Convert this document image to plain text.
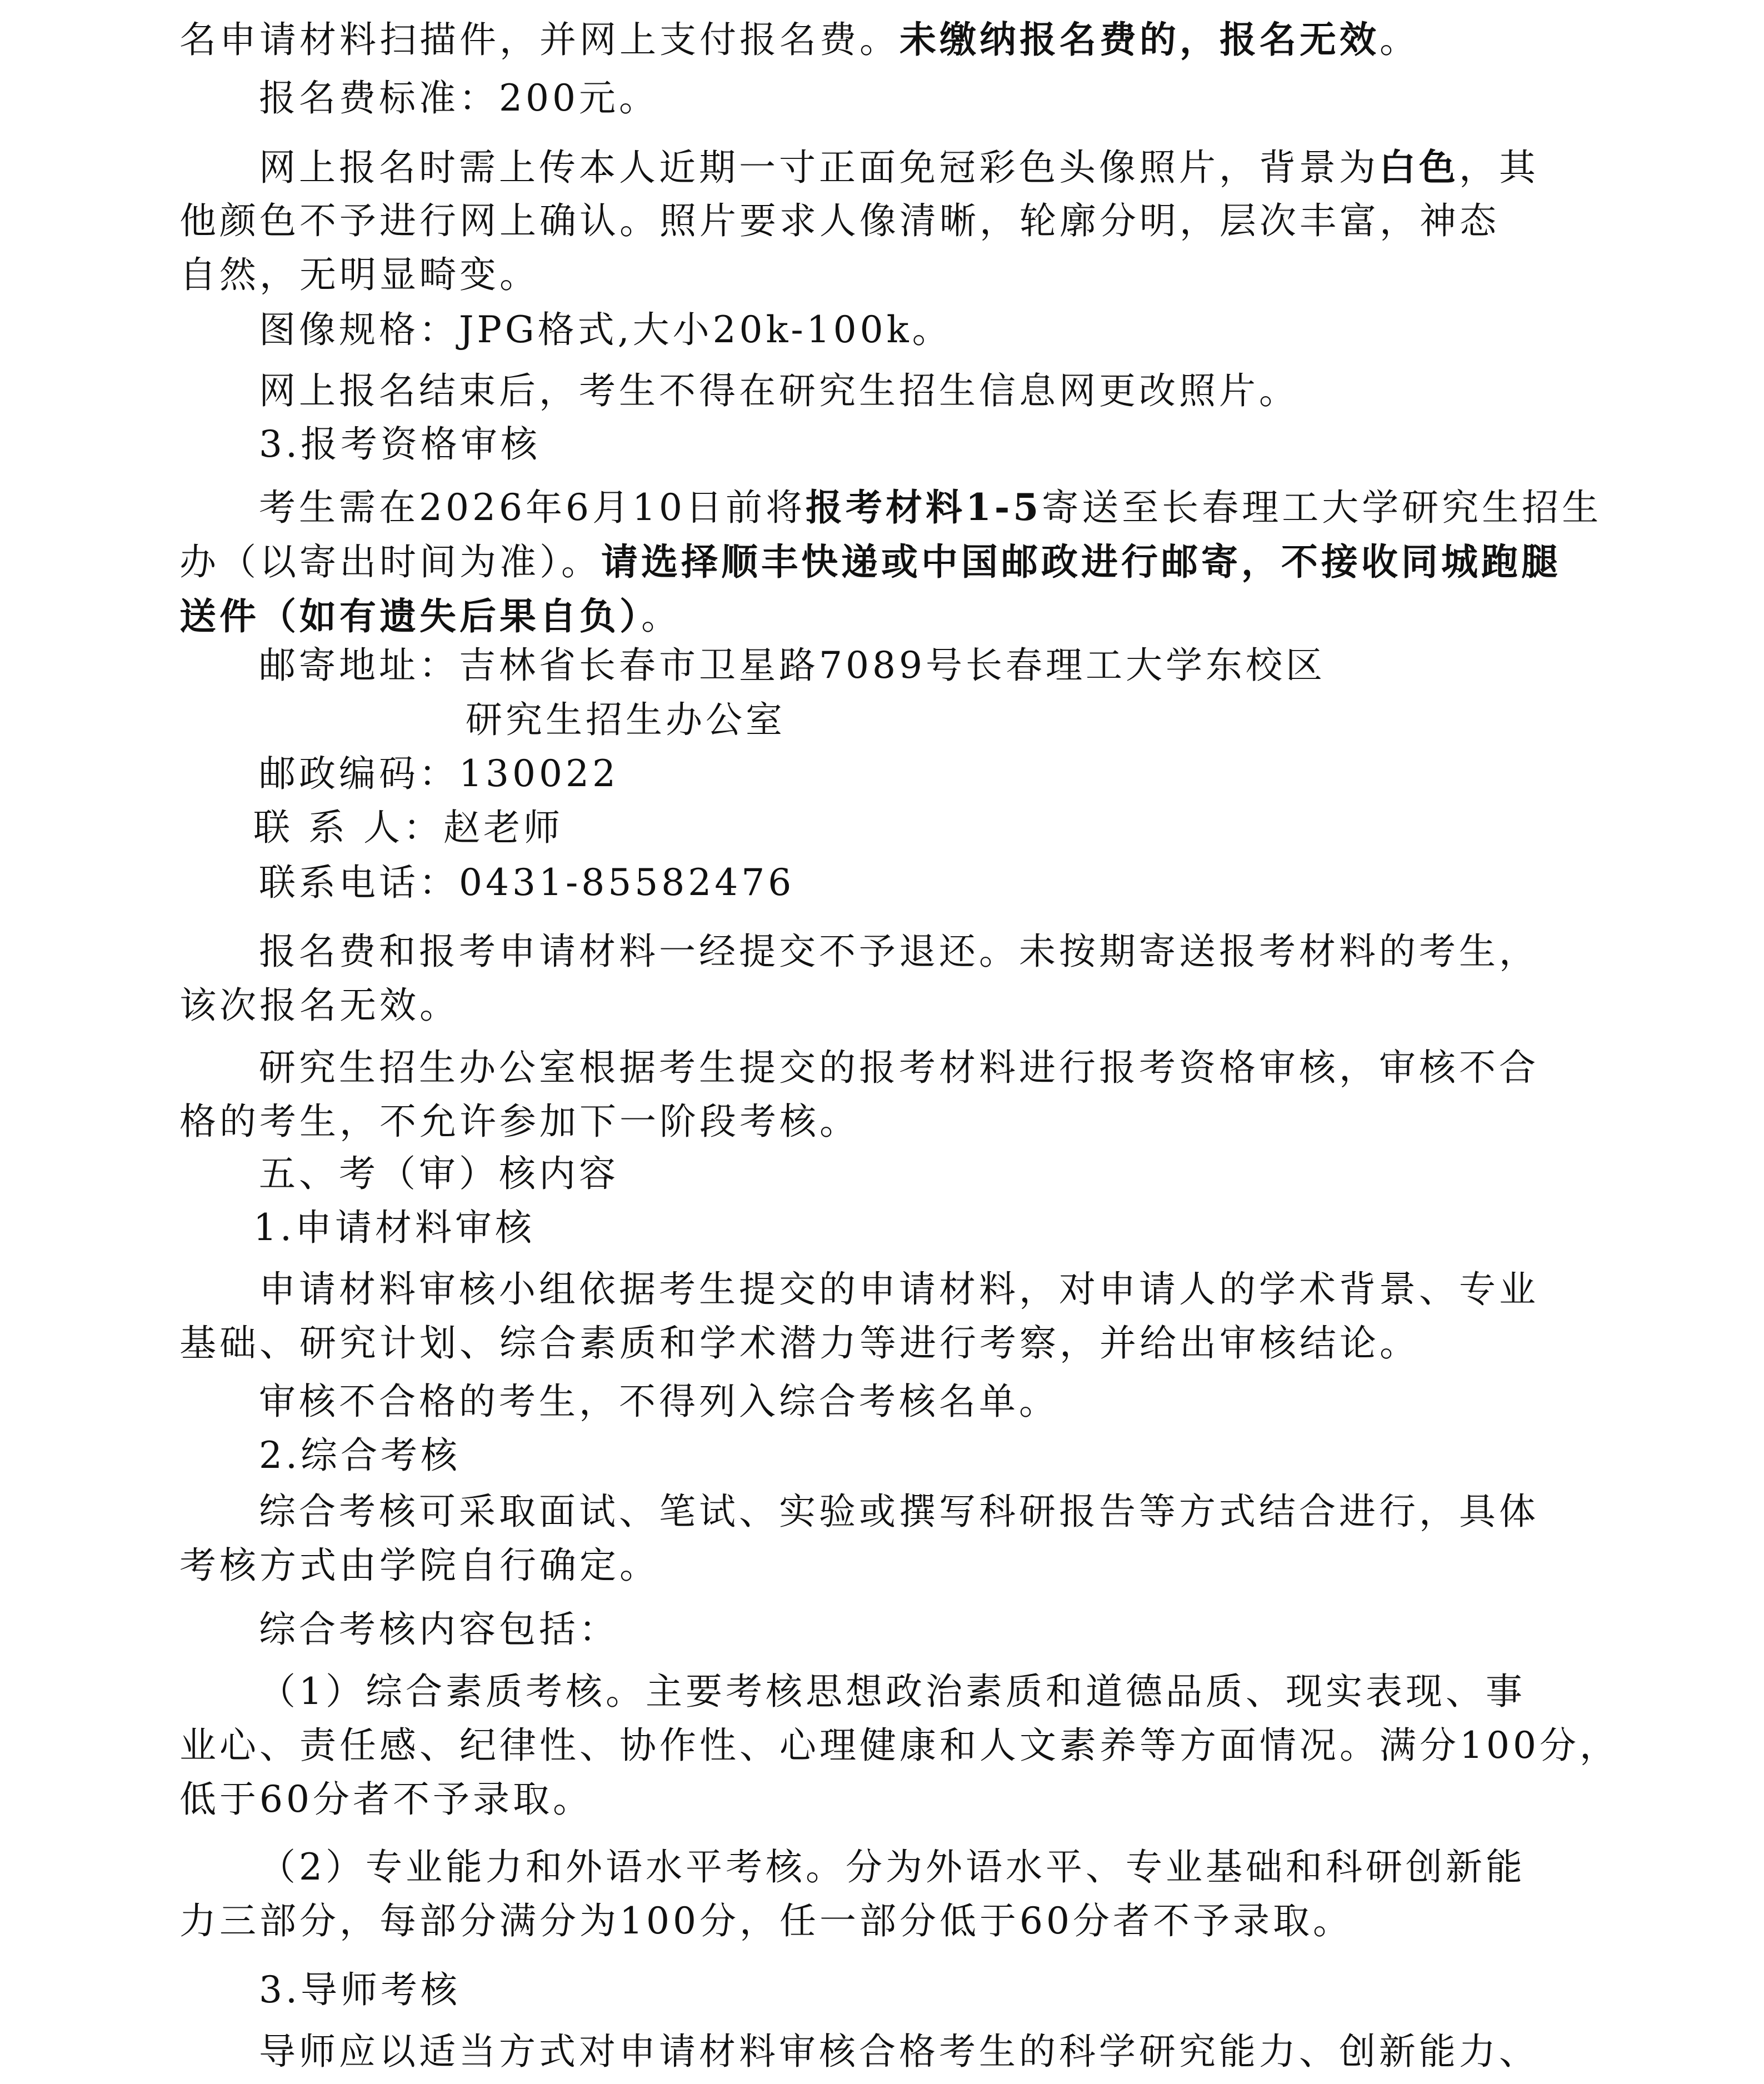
名申请材料扫描件，并网上支付报名费。未缴纳报名费的，报名无效。
报名费标准：200元。
网上报名时需上传本人近期一寸正面免冠彩色头像照片，背景为白色，其
他颜色不予进行网上确认。照片要求人像清晰，轮廓分明，层次丰富，神态
自然，无明显畸变。
图像规格：JPG格式,大小20k-100k。
网上报名结束后，考生不得在研究生招生信息网更改照片。
3.报考资格审核
考生需在2026年6月10日前将报考材料1-5寄送至长春理工大学研究生招生
办（以寄出时间为准）。请选择顺丰快递或中国邮政进行邮寄，不接收同城跑腿
送件（如有遗失后果自负）。
邮寄地址：吉林省长春市卫星路7089号长春理工大学东校区
研究生招生办公室
邮政编码：130022
联 系 人：赵老师
联系电话：0431-85582476
报名费和报考申请材料一经提交不予退还。未按期寄送报考材料的考生，
该次报名无效。
研究生招生办公室根据考生提交的报考材料进行报考资格审核，审核不合
格的考生，不允许参加下一阶段考核。
五、考（审）核内容
1.申请材料审核
申请材料审核小组依据考生提交的申请材料，对申请人的学术背景、专业
基础、研究计划、综合素质和学术潜力等进行考察，并给出审核结论。
审核不合格的考生，不得列入综合考核名单。
2.综合考核
综合考核可采取面试、笔试、实验或撰写科研报告等方式结合进行，具体
考核方式由学院自行确定。
综合考核内容包括：
（1）综合素质考核。主要考核思想政治素质和道德品质、现实表现、事
业心、责任感、纪律性、协作性、心理健康和人文素养等方面情况。满分100分，
低于60分者不予录取。
（2）专业能力和外语水平考核。分为外语水平、专业基础和科研创新能
力三部分，每部分满分为100分，任一部分低于60分者不予录取。
3.导师考核
导师应以适当方式对申请材料审核合格考生的科学研究能力、创新能力、
